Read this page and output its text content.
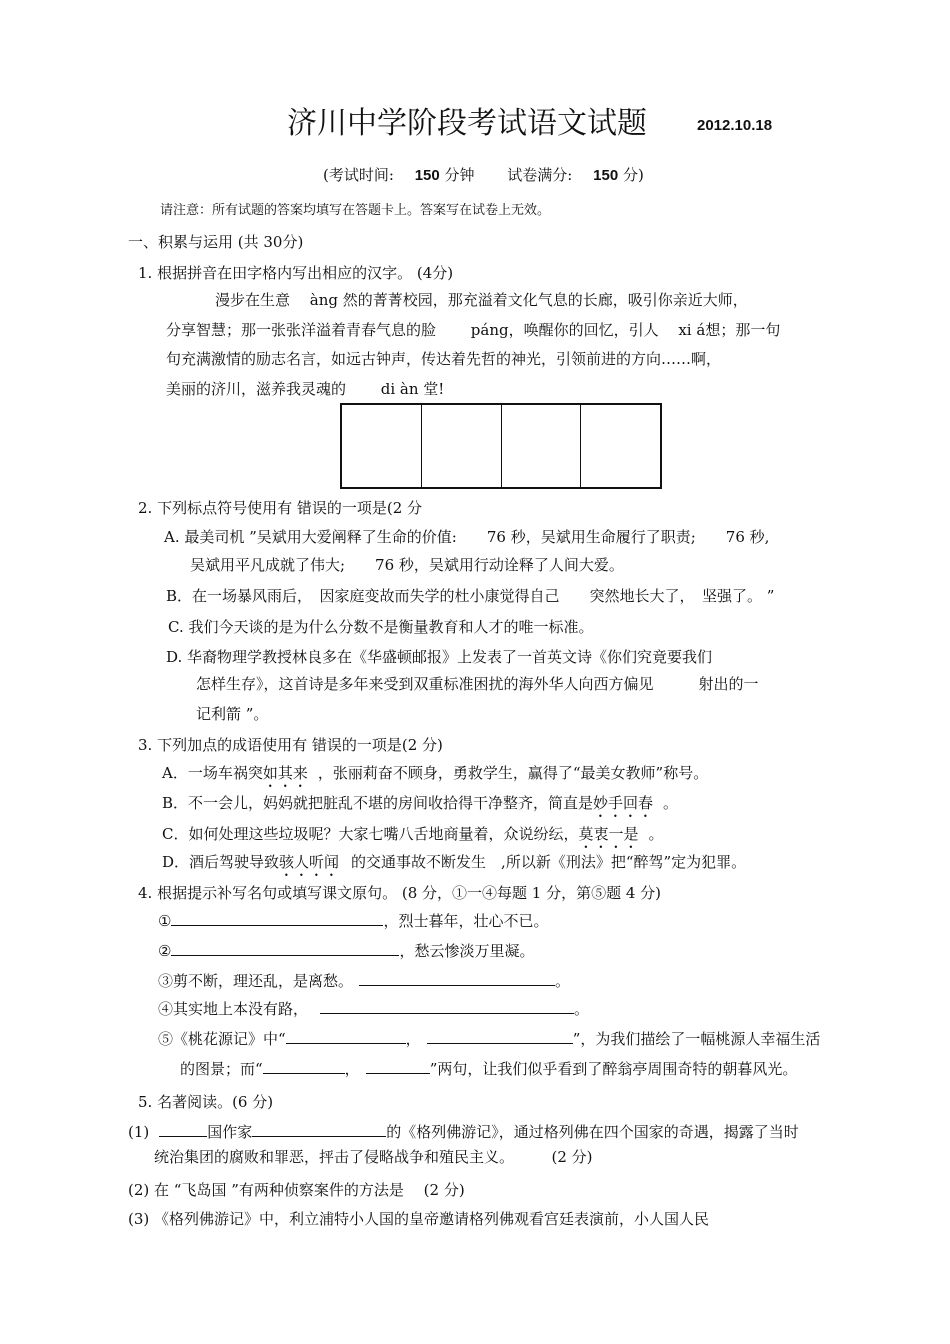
济川中学阶段考试语文试题	2012.10.18
(考试时间: 150 分钟 试卷满分: 150 分)
请注意：所有试题的答案均填写在答题卡上。答案写在试卷上无效。
一、积累与运用 (共 30分)
1. 根据拼音在田字格内写出相应的汉字。 (4分)
漫步在生意　 àng 然的菁菁校园，那充溢着文化气息的长廊，吸引你亲近大师，
分享智慧；那一张张洋溢着青春气息的脸　　 páng，唤醒你的回忆，引人　 xi á想；那一句
句充满激情的励志名言，如远古钟声，传达着先哲的神光，引领前进的方向……啊，
美丽的济川，滋养我灵魂的　　 di àn 堂!
2. 下列标点符号使用有 错误的一项是(2 分
A. 最美司机 ”吴斌用大爱阐释了生命的价值:　　76 秒，吴斌用生命履行了职责;　　76 秒,
吴斌用平凡成就了伟大;　　76 秒，吴斌用行动诠释了人间大爱。
B．在一场暴风雨后，　因家庭变故而失学的杜小康觉得自己　　突然地长大了，　坚强了。 ”
C. 我们今天谈的是为什么分数不是衡量教育和人才的唯一标准。
D. 华裔物理学教授林良多在《华盛顿邮报》上发表了一首英文诗《你们究竟要我们
怎样生存》，这首诗是多年来受到双重标准困扰的海外华人向西方偏见　　　射出的一
记利箭 ”。
3. 下列加点的成语使用有 错误的一项是(2 分)
A．一场车祸突如其来 ，张丽莉奋不顾身，勇救学生，赢得了“最美女教师”称号。
B．不一会儿，妈妈就把脏乱不堪的房间收拾得干净整齐，简直是妙手回春 。
C．如何处理这些垃圾呢？大家七嘴八舌地商量着，众说纷纭，莫衷一是 。
D．酒后驾驶导致骇人听闻 的交通事故不断发生　,所以新《刑法》把“醉驾”定为犯罪。
4. 根据提示补写名句或填写课文原句。 (8 分，①一④每题 1 分，第⑤题 4 分)
①	，烈士暮年，壮心不已。
②	，愁云惨淡万里凝。
③剪不断，理还乱，是离愁。	。
④其实地上本没有路，	。
⑤《桃花源记》中“	，	”，为我们描绘了一幅桃源人幸福生活
的图景；而“	，	”两句，让我们似乎看到了醉翁亭周围奇特的朝暮风光。
5. 名著阅读。(6 分)
(1)	国作家	的《格列佛游记》，通过格列佛在四个国家的奇遇，揭露了当时
统治集团的腐败和罪恶，抨击了侵略战争和殖民主义。　　　(2 分)
(2) 在 “飞岛国 ”有两种侦察案件的方法是　 (2 分)
(3) 《格列佛游记》中，利立浦特小人国的皇帝邀请格列佛观看宫廷表演前，小人国人民
